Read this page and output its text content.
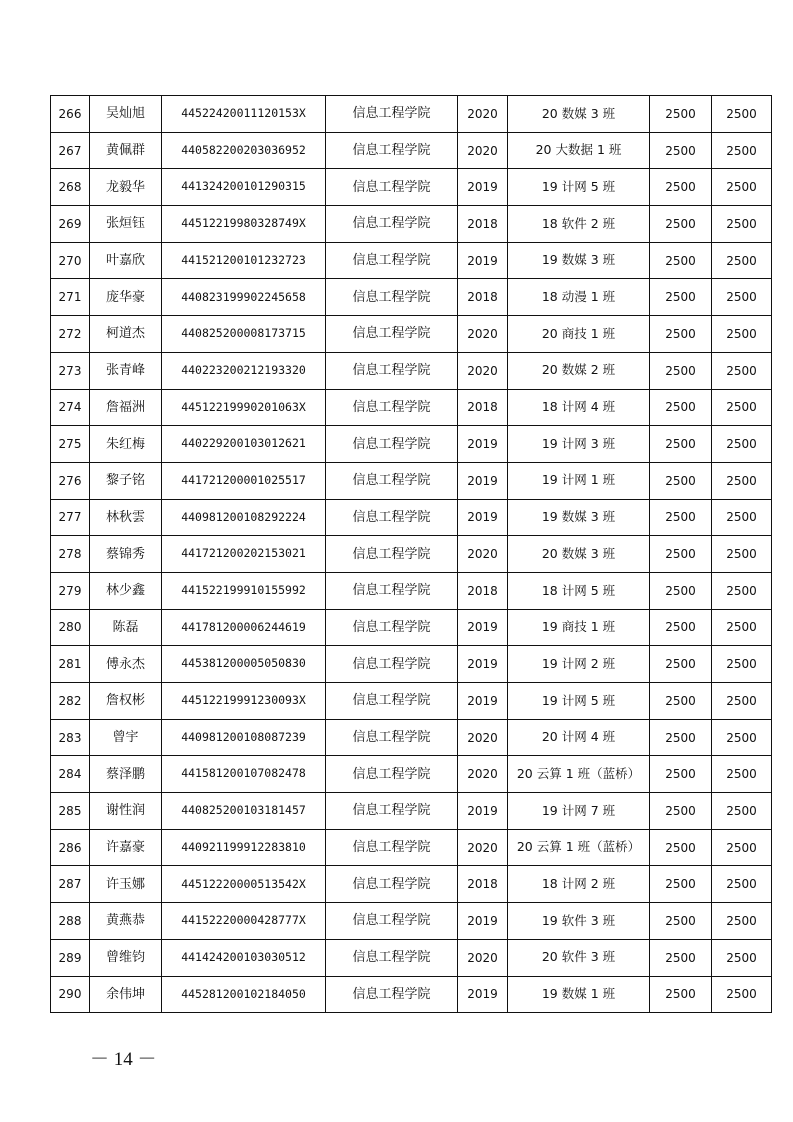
266	吴灿旭	44522420011120153X	信息工程学院	2020	20 数媒 3 班	2500	2500
267	黄佩群	440582200203036952	信息工程学院	2020	20 大数据 1 班	2500	2500
268	龙毅华	441324200101290315	信息工程学院	2019	19 计网 5 班	2500	2500
269	张烜钰	44512219980328749X	信息工程学院	2018	18 软件 2 班	2500	2500
270	叶嘉欣	441521200101232723	信息工程学院	2019	19 数媒 3 班	2500	2500
271	庞华豪	440823199902245658	信息工程学院	2018	18 动漫 1 班	2500	2500
272	柯道杰	440825200008173715	信息工程学院	2020	20 商技 1 班	2500	2500
273	张青峰	440223200212193320	信息工程学院	2020	20 数媒 2 班	2500	2500
274	詹福洲	44512219990201063X	信息工程学院	2018	18 计网 4 班	2500	2500
275	朱红梅	440229200103012621	信息工程学院	2019	19 计网 3 班	2500	2500
276	黎子铭	441721200001025517	信息工程学院	2019	19 计网 1 班	2500	2500
277	林秋雲	440981200108292224	信息工程学院	2019	19 数媒 3 班	2500	2500
278	蔡锦秀	441721200202153021	信息工程学院	2020	20 数媒 3 班	2500	2500
279	林少鑫	441522199910155992	信息工程学院	2018	18 计网 5 班	2500	2500
280	陈磊	441781200006244619	信息工程学院	2019	19 商技 1 班	2500	2500
281	傅永杰	445381200005050830	信息工程学院	2019	19 计网 2 班	2500	2500
282	詹权彬	44512219991230093X	信息工程学院	2019	19 计网 5 班	2500	2500
283	曾宇	440981200108087239	信息工程学院	2020	20 计网 4 班	2500	2500
284	蔡泽鹏	441581200107082478	信息工程学院	2020	20 云算 1 班（蓝桥）	2500	2500
285	谢性润	440825200103181457	信息工程学院	2019	19 计网 7 班	2500	2500
286	许嘉豪	440921199912283810	信息工程学院	2020	20 云算 1 班（蓝桥）	2500	2500
287	许玉娜	44512220000513542X	信息工程学院	2018	18 计网 2 班	2500	2500
288	黄燕恭	44152220000428777X	信息工程学院	2019	19 软件 3 班	2500	2500
289	曾维钧	441424200103030512	信息工程学院	2020	20 软件 3 班	2500	2500
290	余伟坤	445281200102184050	信息工程学院	2019	19 数媒 1 班	2500	2500
－ 14 －
